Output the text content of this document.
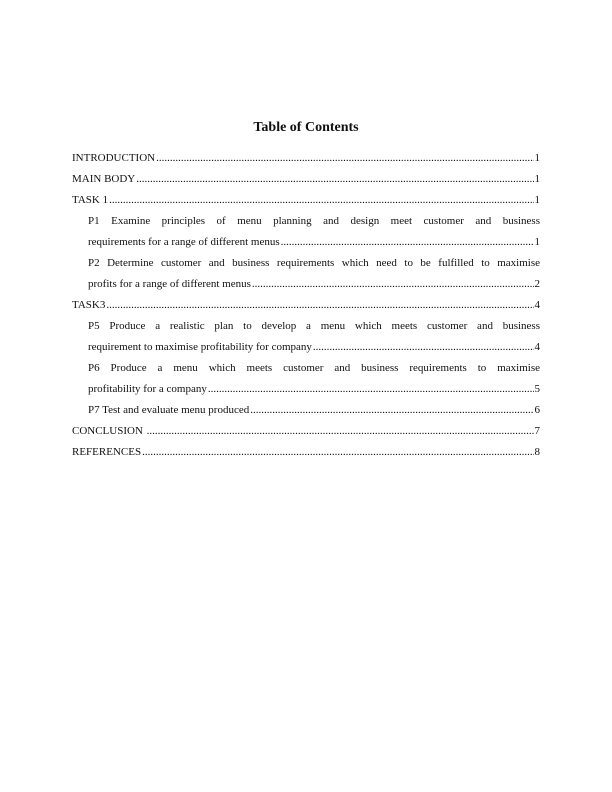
Table of Contents
INTRODUCTION .....	1
MAIN BODY .....	1
TASK 1 .....	1
P1 Examine principles of menu planning and design meet customer and business
requirements for a range of different menus .....	1
P2 Determine customer and business requirements which need to be fulfilled to maximise
profits for a range of different menus .....	2
TASK3 .....	4
P5 Produce a realistic plan to develop a menu which meets customer and business
requirement to maximise profitability for company .....	4
P6 Produce a menu which meets customer and business requirements to maximise
profitability for a company .....	5
P7 Test and evaluate menu produced .....	6
CONCLUSION .....	7
REFERENCES .....	8
